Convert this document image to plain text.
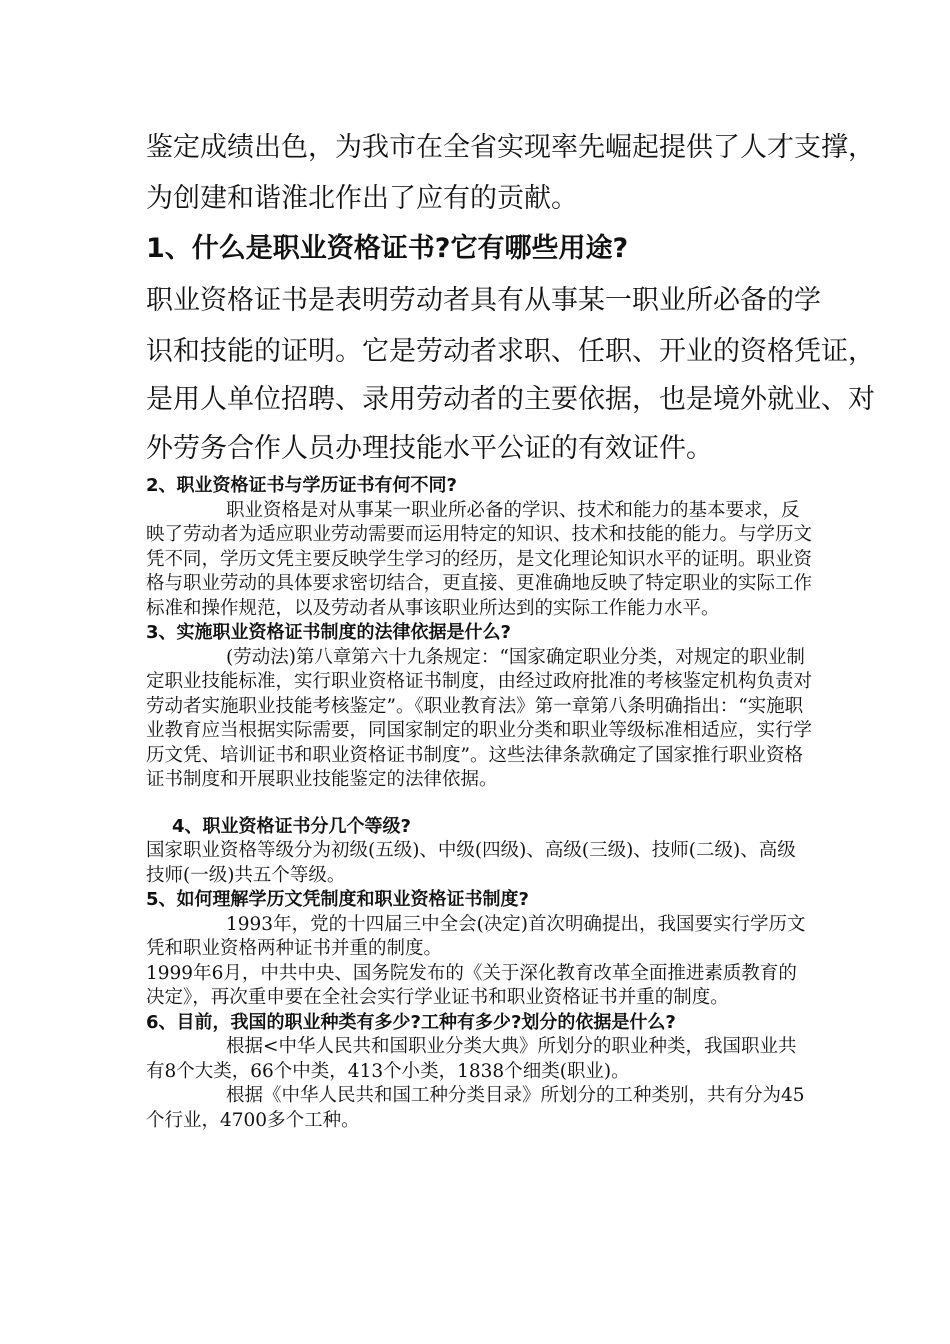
鉴定成绩出色，为我市在全省实现率先崛起提供了人才支撑，
为创建和谐淮北作出了应有的贡献。
1、什么是职业资格证书?它有哪些用途?
职业资格证书是表明劳动者具有从事某一职业所必备的学
识和技能的证明。它是劳动者求职、任职、开业的资格凭证，
是用人单位招聘、录用劳动者的主要依据，也是境外就业、对
外劳务合作人员办理技能水平公证的有效证件。

2、职业资格证书与学历证书有何不同?

职业资格是对从事某一职业所必备的学识、技术和能力的基本要求，反映了劳动者为适应职业劳动需要而运用特定的知识、技术和技能的能力。与学历文凭不同，学历文凭主要反映学生学习的经历，是文化理论知识水平的证明。职业资格与职业劳动的具体要求密切结合，更直接、更准确地反映了特定职业的实际工作标准和操作规范，以及劳动者从事该职业所达到的实际工作能力水平。

3、实施职业资格证书制度的法律依据是什么?

(劳动法)第八章第六十九条规定：“国家确定职业分类，对规定的职业制定职业技能标准，实行职业资格证书制度，由经过政府批准的考核鉴定机构负责对劳动者实施职业技能考核鉴定”。《职业教育法》第一章第八条明确指出：“实施职业教育应当根据实际需要，同国家制定的职业分类和职业等级标准相适应，实行学历文凭、培训证书和职业资格证书制度”。这些法律条款确定了国家推行职业资格证书制度和开展职业技能鉴定的法律依据。

4、职业资格证书分几个等级?

国家职业资格等级分为初级(五级)、中级(四级)、高级(三级)、技师(二级)、高级技师(一级)共五个等级。

5、如何理解学历文凭制度和职业资格证书制度?

1993年，党的十四届三中全会(决定)首次明确提出，我国要实行学历文凭和职业资格两种证书并重的制度。

1999年6月，中共中央、国务院发布的《关于深化教育改革全面推进素质教育的决定》，再次重申要在全社会实行学业证书和职业资格证书并重的制度。

6、目前，我国的职业种类有多少?工种有多少?划分的依据是什么?

根据<中华人民共和国职业分类大典》所划分的职业种类，我国职业共有8个大类，66个中类，413个小类，1838个细类(职业)。

根据《中华人民共和国工种分类目录》所划分的工种类别，共有分为45个行业，4700多个工种。
